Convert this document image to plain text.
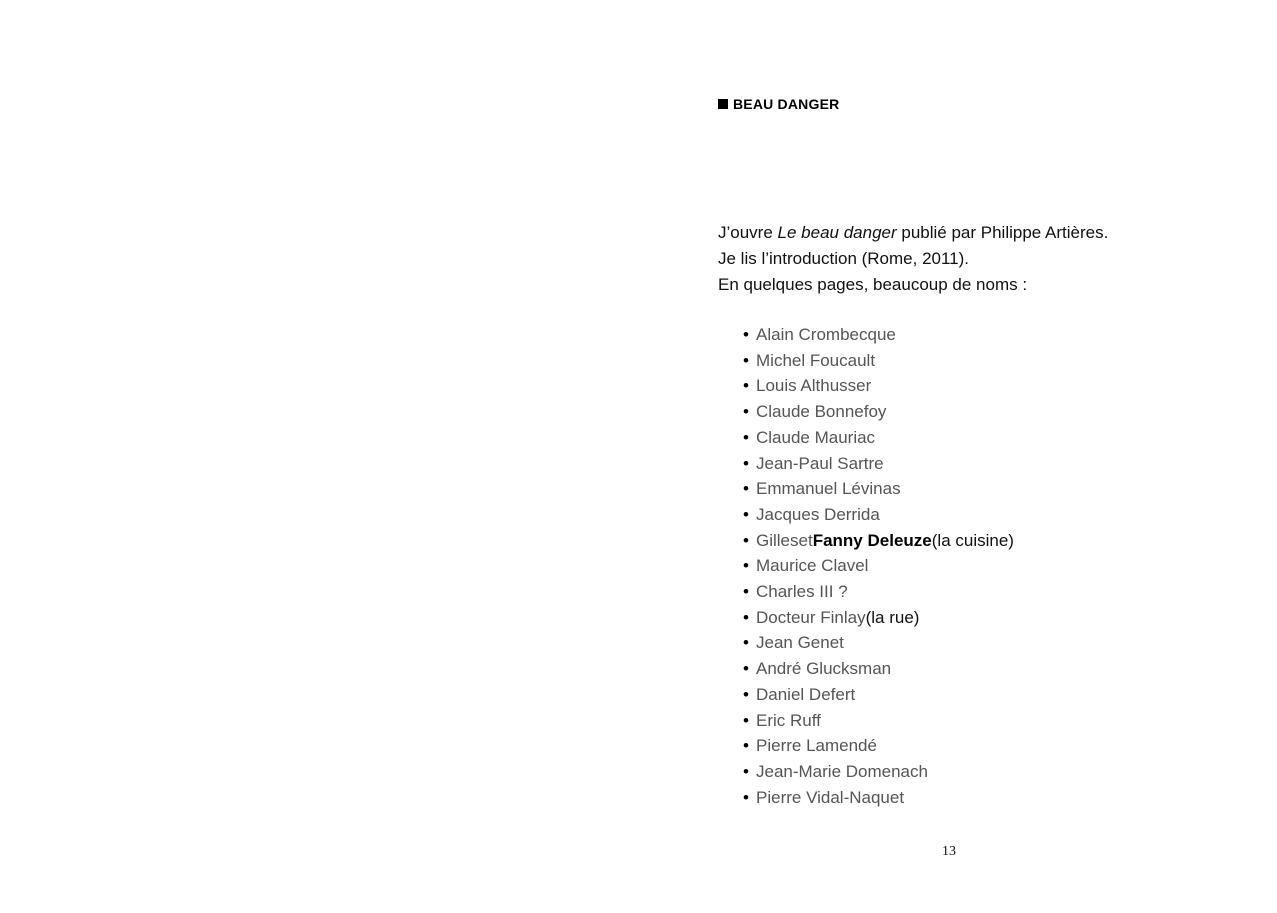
BEAU DANGER

J’ouvre Le beau danger publié par Philippe Artières.

Je lis l’introduction (Rome, 2011).

En quelques pages, beaucoup de noms :

• Alain Crombecque
• Michel Foucault
• Louis Althusser
• Claude Bonnefoy
• Claude Mauriac
• Jean-Paul Sartre
• Emmanuel Lévinas
• Jacques Derrida
• Gilles et Fanny Deleuze (la cuisine)
• Maurice Clavel
• Charles III ?
• Docteur Finlay (la rue)
• Jean Genet
• André Glucksman
• Daniel Defert
• Eric Ruff
• Pierre Lamendé
• Jean-Marie Domenach
• Pierre Vidal-Naquet
13
